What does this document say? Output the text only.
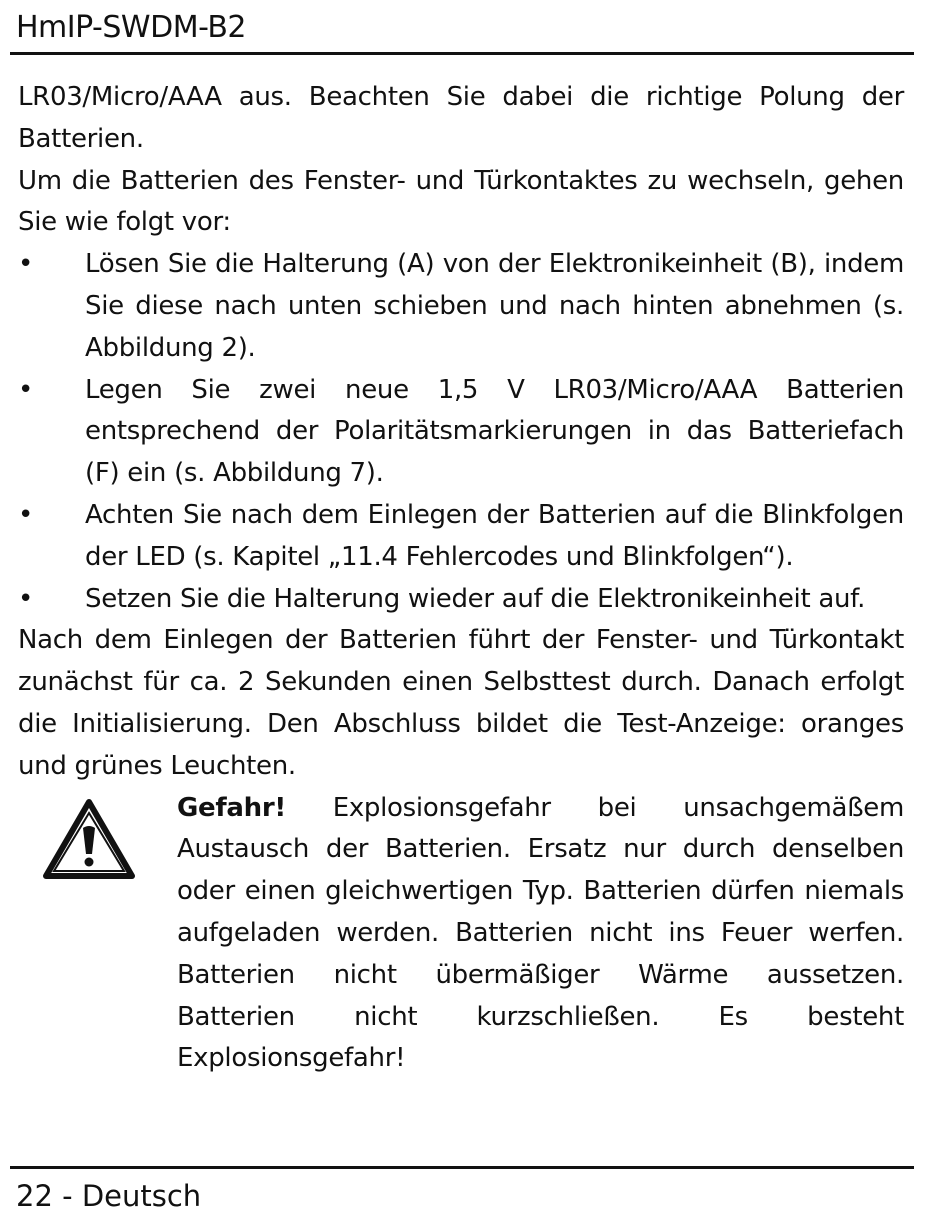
HmIP-SWDM-B2

LR03/Micro/AAA aus. Beachten Sie dabei die richtige Polung der Batterien.

Um die Batterien des Fenster- und Türkontaktes zu wechseln, gehen Sie wie folgt vor:

• Lösen Sie die Halterung (A) von der Elektronikeinheit (B), indem Sie diese nach unten schieben und nach hinten abnehmen (s. Abbildung 2).
• Legen Sie zwei neue 1,5 V LR03/Micro/AAA Batterien entsprechend der Polaritätsmarkierungen in das Batteriefach (F) ein (s. Abbildung 7).
• Achten Sie nach dem Einlegen der Batterien auf die Blinkfolgen der LED (s. Kapitel „11.4 Fehlercodes und Blinkfolgen“).
• Setzen Sie die Halterung wieder auf die Elektronikeinheit auf.

Nach dem Einlegen der Batterien führt der Fenster- und Türkontakt zunächst für ca. 2 Sekunden einen Selbsttest durch. Danach erfolgt die Initialisierung. Den Abschluss bildet die Test-Anzeige: oranges und grünes Leuchten.

Gefahr! Explosionsgefahr bei unsachgemäßem Austausch der Batterien. Ersatz nur durch denselben oder einen gleichwertigen Typ. Batterien dürfen niemals aufgeladen werden. Batterien nicht ins Feuer werfen. Batterien nicht übermäßiger Wärme aussetzen. Batterien nicht kurzschließen. Es besteht Explosionsgefahr!
22 - Deutsch
